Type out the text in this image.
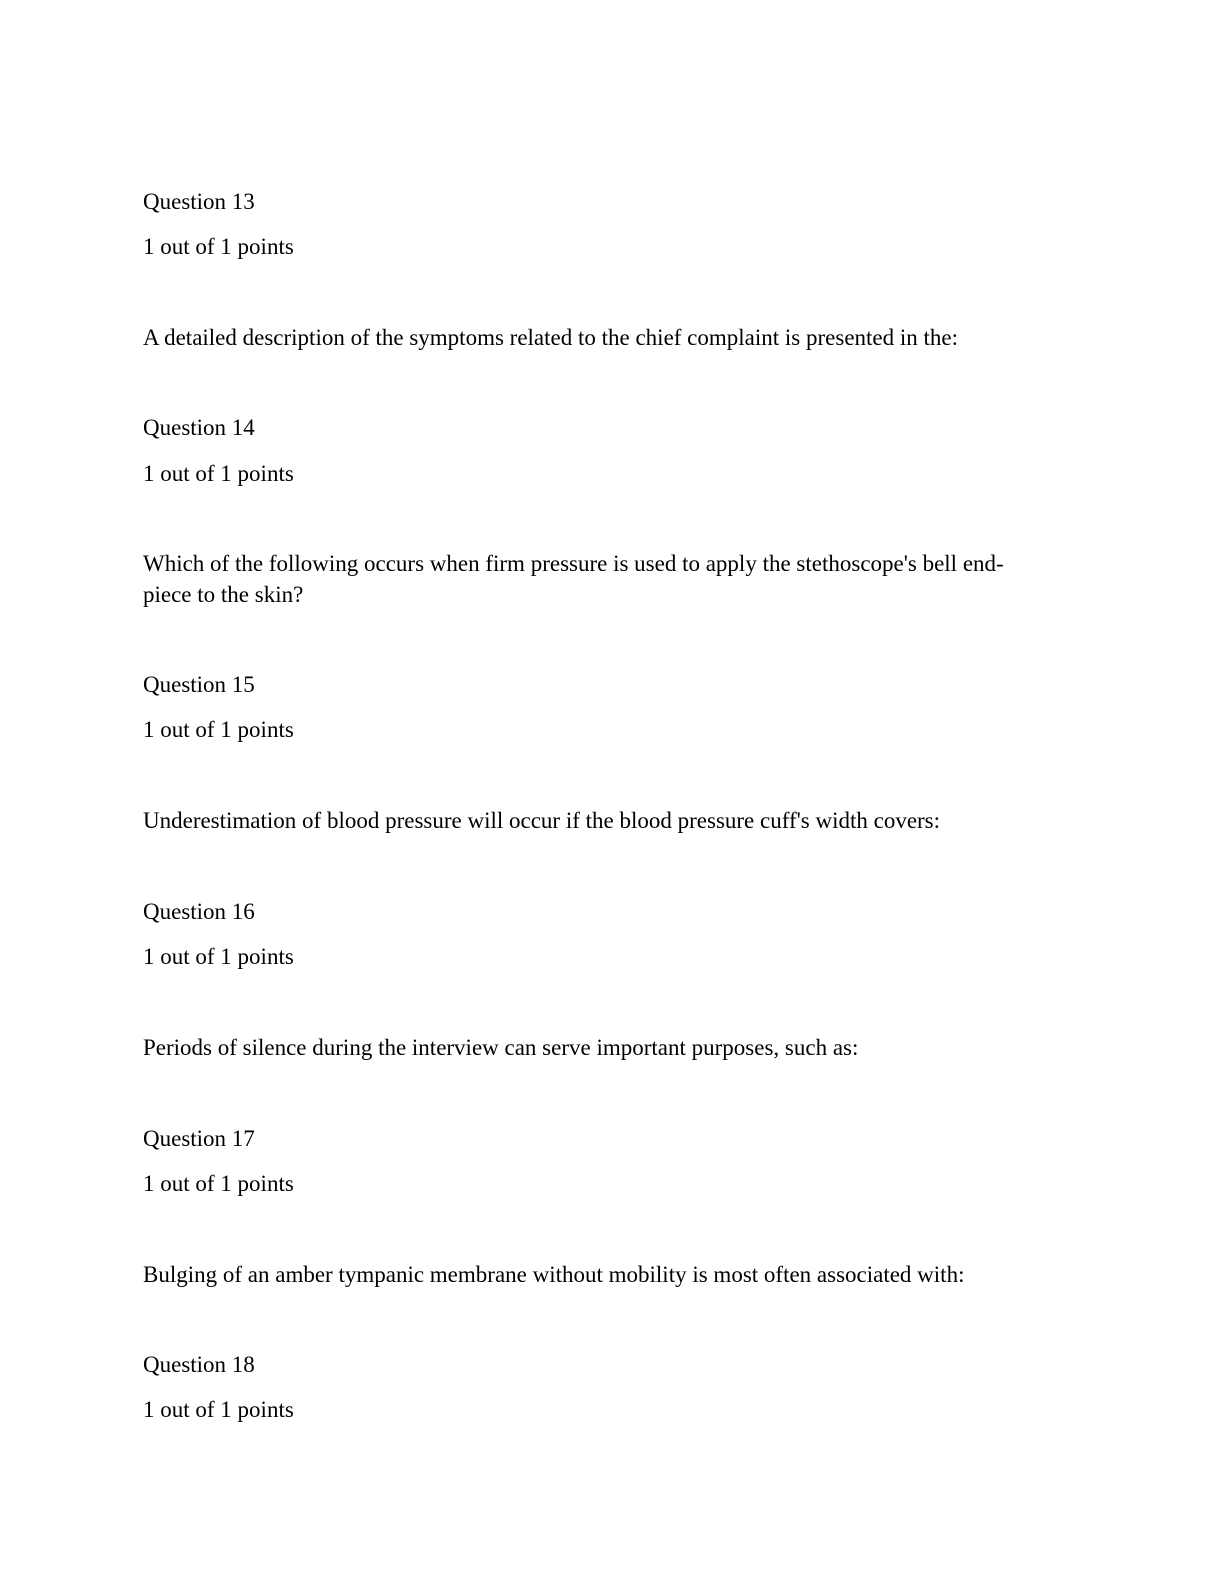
Question 13

1 out of 1 points

A detailed description of the symptoms related to the chief complaint is presented in the:

Question 14

1 out of 1 points

Which of the following occurs when firm pressure is used to apply the stethoscope's bell end-

piece to the skin?

Question 15

1 out of 1 points

Underestimation of blood pressure will occur if the blood pressure cuff's width covers:

Question 16

1 out of 1 points

Periods of silence during the interview can serve important purposes, such as:

Question 17

1 out of 1 points

Bulging of an amber tympanic membrane without mobility is most often associated with:

Question 18

1 out of 1 points
